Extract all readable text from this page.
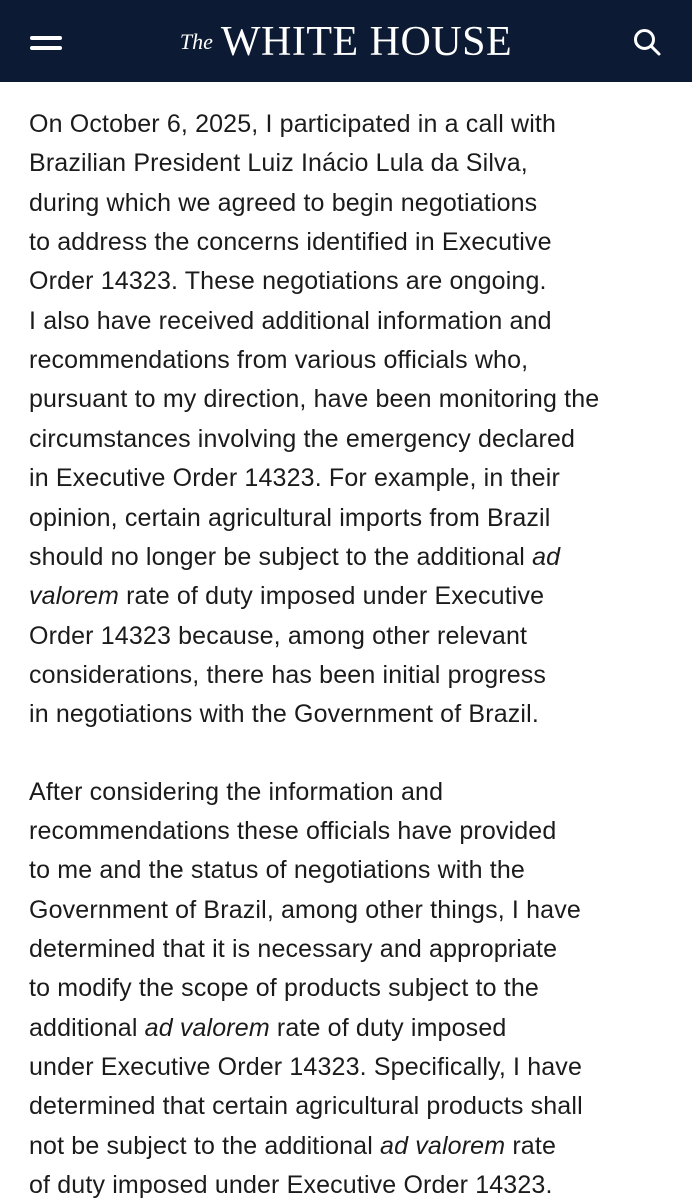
The WHITE HOUSE
On October 6, 2025, I participated in a call with
Brazilian President Luiz Inácio Lula da Silva,
during which we agreed to begin negotiations
to address the concerns identified in Executive
Order 14323. These negotiations are ongoing.
I also have received additional information and
recommendations from various officials who,
pursuant to my direction, have been monitoring the
circumstances involving the emergency declared
in Executive Order 14323. For example, in their
opinion, certain agricultural imports from Brazil
should no longer be subject to the additional ad
valorem rate of duty imposed under Executive
Order 14323 because, among other relevant
considerations, there has been initial progress
in negotiations with the Government of Brazil.
After considering the information and
recommendations these officials have provided
to me and the status of negotiations with the
Government of Brazil, among other things, I have
determined that it is necessary and appropriate
to modify the scope of products subject to the
additional ad valorem rate of duty imposed
under Executive Order 14323. Specifically, I have
determined that certain agricultural products shall
not be subject to the additional ad valorem rate
of duty imposed under Executive Order 14323.
